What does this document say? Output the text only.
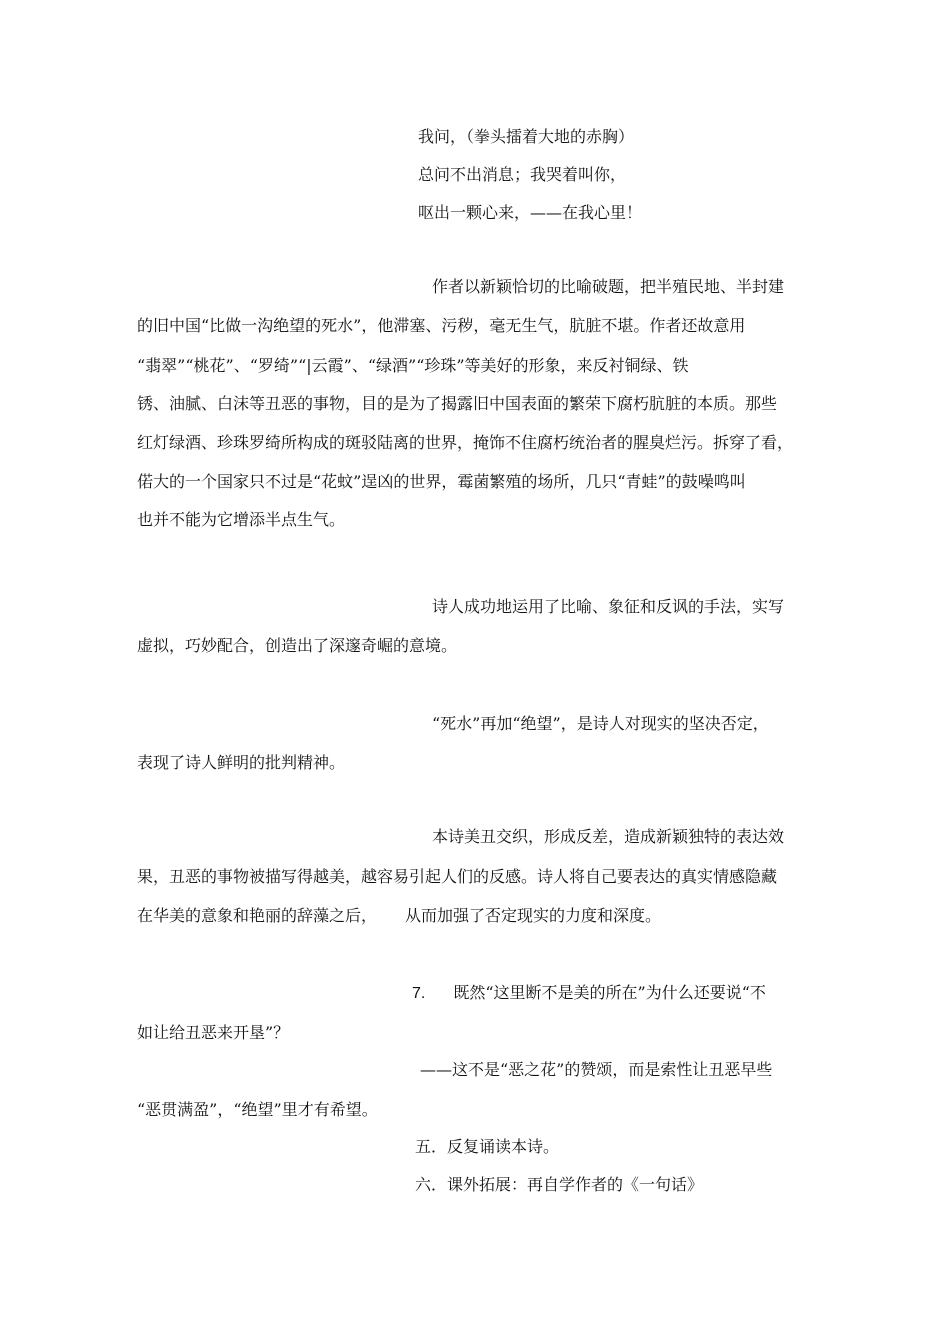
我问，（拳头擂着大地的赤胸）
总问不出消息；我哭着叫你，
呕出一颗心来，——在我心里！
作者以新颖恰切的比喻破题，把半殖民地、半封建
的旧中国“比做一沟绝望的死水”，他滞塞、污秽，毫无生气，肮脏不堪。作者还故意用
“翡翠”“桃花”、“罗绮”“|云霞”、“绿酒”“珍珠”等美好的形象，来反衬铜绿、铁
锈、油腻、白沫等丑恶的事物，目的是为了揭露旧中国表面的繁荣下腐朽肮脏的本质。那些
红灯绿酒、珍珠罗绮所构成的斑驳陆离的世界，掩饰不住腐朽统治者的腥臭烂污。拆穿了看，
偌大的一个国家只不过是“花蚊”逞凶的世界，霉菌繁殖的场所，几只“青蛙”的鼓噪鸣叫
也并不能为它增添半点生气。
诗人成功地运用了比喻、象征和反讽的手法，实写
虚拟，巧妙配合，创造出了深邃奇崛的意境。
“死水”再加“绝望”，是诗人对现实的坚决否定，
表现了诗人鲜明的批判精神。
本诗美丑交织，形成反差，造成新颖独特的表达效
果，丑恶的事物被描写得越美，越容易引起人们的反感。诗人将自己要表达的真实情感隐藏
在华美的意象和艳丽的辞藻之后， 从而加强了否定现实的力度和深度。
7. 既然“这里断不是美的所在”为什么还要说“不
如让给丑恶来开垦”？
——这不是“恶之花”的赞颂，而是索性让丑恶早些
“恶贯满盈”，“绝望”里才有希望。
五．反复诵读本诗。
六．课外拓展：再自学作者的《一句话》
